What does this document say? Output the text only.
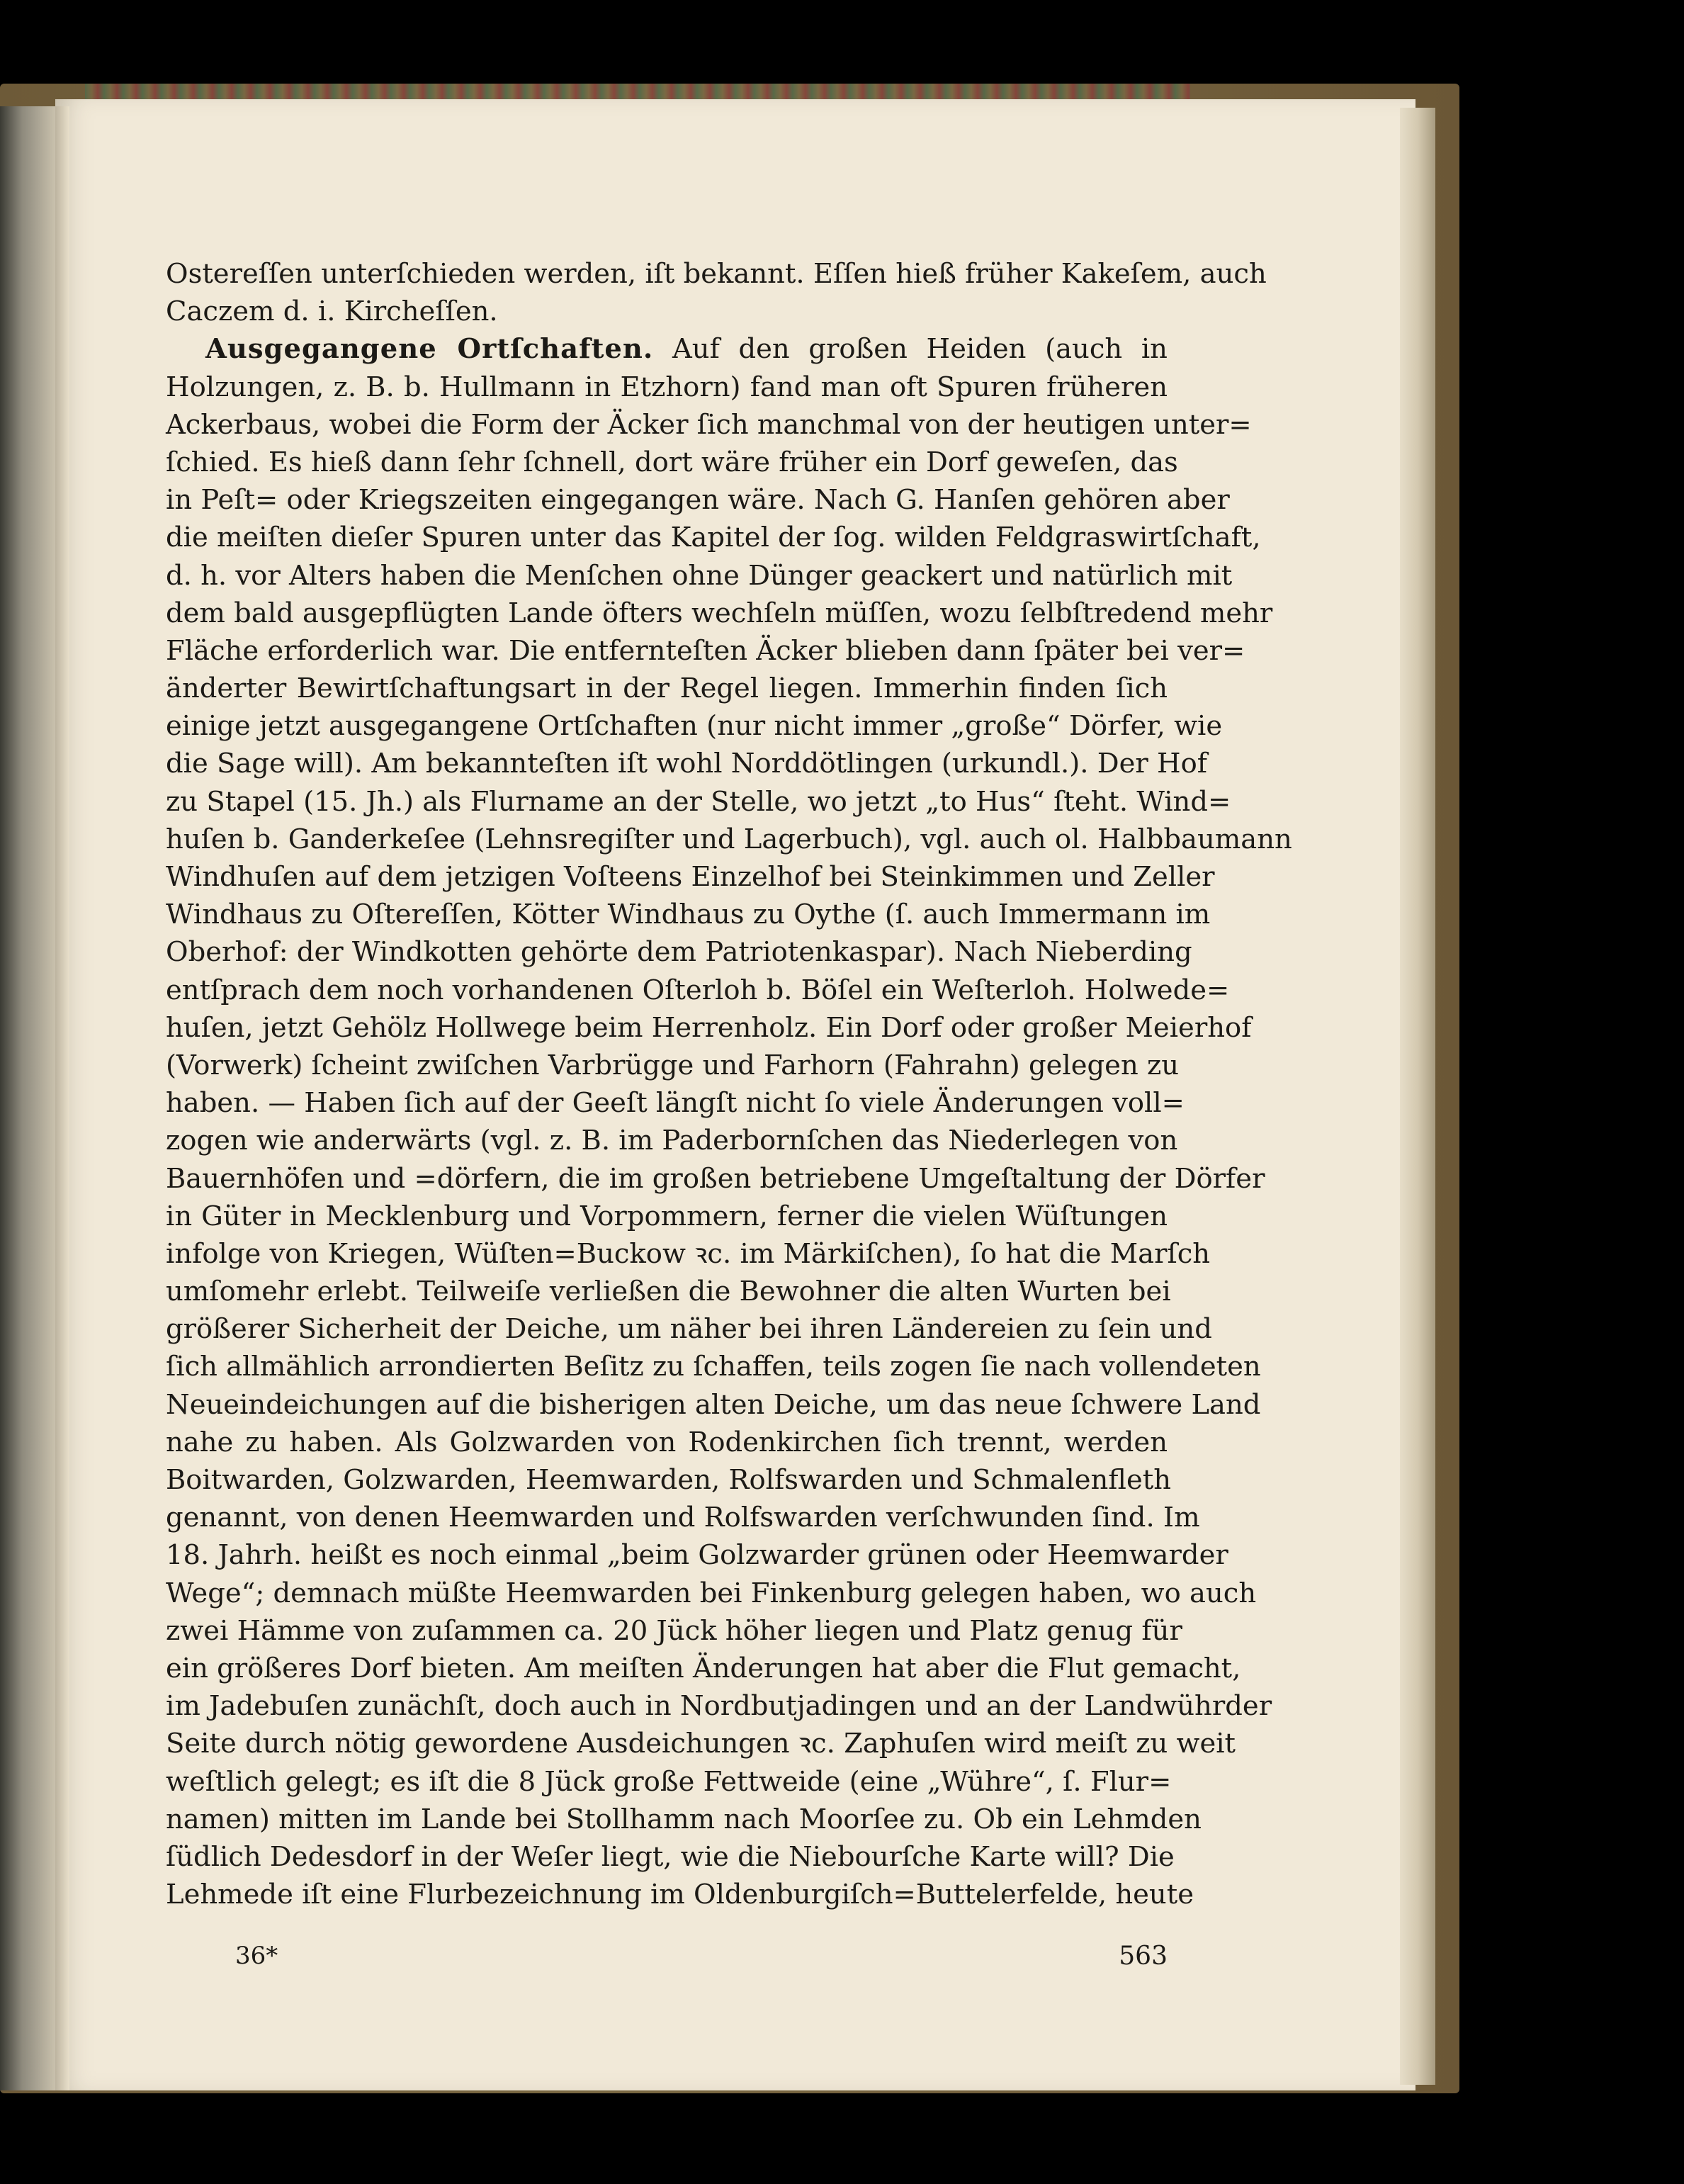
Ostereſſen unterſchieden werden, iſt bekannt. Eſſen hieß früher Kakeſem, auch
Caczem d. i. Kircheſſen.
Ausgegangene Ortſchaften. Auf den großen Heiden (auch in
Holzungen, z. B. b. Hullmann in Etzhorn) fand man oft Spuren früheren
Ackerbaus, wobei die Form der Äcker ſich manchmal von der heutigen unter=
ſchied. Es hieß dann ſehr ſchnell, dort wäre früher ein Dorf geweſen, das
in Peſt= oder Kriegszeiten eingegangen wäre. Nach G. Hanſen gehören aber
die meiſten dieſer Spuren unter das Kapitel der ſog. wilden Feldgraswirtſchaft,
d. h. vor Alters haben die Menſchen ohne Dünger geackert und natürlich mit
dem bald ausgepflügten Lande öfters wechſeln müſſen, wozu ſelbſtredend mehr
Fläche erforderlich war. Die entfernteſten Äcker blieben dann ſpäter bei ver=
änderter Bewirtſchaftungsart in der Regel liegen. Immerhin finden ſich
einige jetzt ausgegangene Ortſchaften (nur nicht immer „große“ Dörfer, wie
die Sage will). Am bekannteſten iſt wohl Norddötlingen (urkundl.). Der Hof
zu Stapel (15. Jh.) als Flurname an der Stelle, wo jetzt „to Hus“ ſteht. Wind=
huſen b. Ganderkeſee (Lehnsregiſter und Lagerbuch), vgl. auch ol. Halbbaumann
Windhuſen auf dem jetzigen Voſteens Einzelhof bei Steinkimmen und Zeller
Windhaus zu Oſtereſſen, Kötter Windhaus zu Oythe (ſ. auch Immermann im
Oberhof: der Windkotten gehörte dem Patriotenkaspar). Nach Nieberding
entſprach dem noch vorhandenen Oſterloh b. Böſel ein Weſterloh. Holwede=
huſen, jetzt Gehölz Hollwege beim Herrenholz. Ein Dorf oder großer Meierhof
(Vorwerk) ſcheint zwiſchen Varbrügge und Farhorn (Fahrahn) gelegen zu
haben. — Haben ſich auf der Geeſt längſt nicht ſo viele Änderungen voll=
zogen wie anderwärts (vgl. z. B. im Paderbornſchen das Niederlegen von
Bauernhöfen und =dörfern, die im großen betriebene Umgeſtaltung der Dörfer
in Güter in Mecklenburg und Vorpommern, ferner die vielen Wüſtungen
infolge von Kriegen, Wüſten=Buckow ꝛc. im Märkiſchen), ſo hat die Marſch
umſomehr erlebt. Teilweiſe verließen die Bewohner die alten Wurten bei
größerer Sicherheit der Deiche, um näher bei ihren Ländereien zu ſein und
ſich allmählich arrondierten Beſitz zu ſchaffen, teils zogen ſie nach vollendeten
Neueindeichungen auf die bisherigen alten Deiche, um das neue ſchwere Land
nahe zu haben. Als Golzwarden von Rodenkirchen ſich trennt, werden
Boitwarden, Golzwarden, Heemwarden, Rolfswarden und Schmalenfleth
genannt, von denen Heemwarden und Rolfswarden verſchwunden ſind. Im
18. Jahrh. heißt es noch einmal „beim Golzwarder grünen oder Heemwarder
Wege“; demnach müßte Heemwarden bei Finkenburg gelegen haben, wo auch
zwei Hämme von zuſammen ca. 20 Jück höher liegen und Platz genug für
ein größeres Dorf bieten. Am meiſten Änderungen hat aber die Flut gemacht,
im Jadebuſen zunächſt, doch auch in Nordbutjadingen und an der Landwührder
Seite durch nötig gewordene Ausdeichungen ꝛc. Zaphuſen wird meiſt zu weit
weſtlich gelegt; es iſt die 8 Jück große Fettweide (eine „Wühre“, ſ. Flur=
namen) mitten im Lande bei Stollhamm nach Moorſee zu. Ob ein Lehmden
ſüdlich Dedesdorf in der Weſer liegt, wie die Niebourſche Karte will? Die
Lehmede iſt eine Flurbezeichnung im Oldenburgiſch=Buttelerfelde, heute
36*	563
